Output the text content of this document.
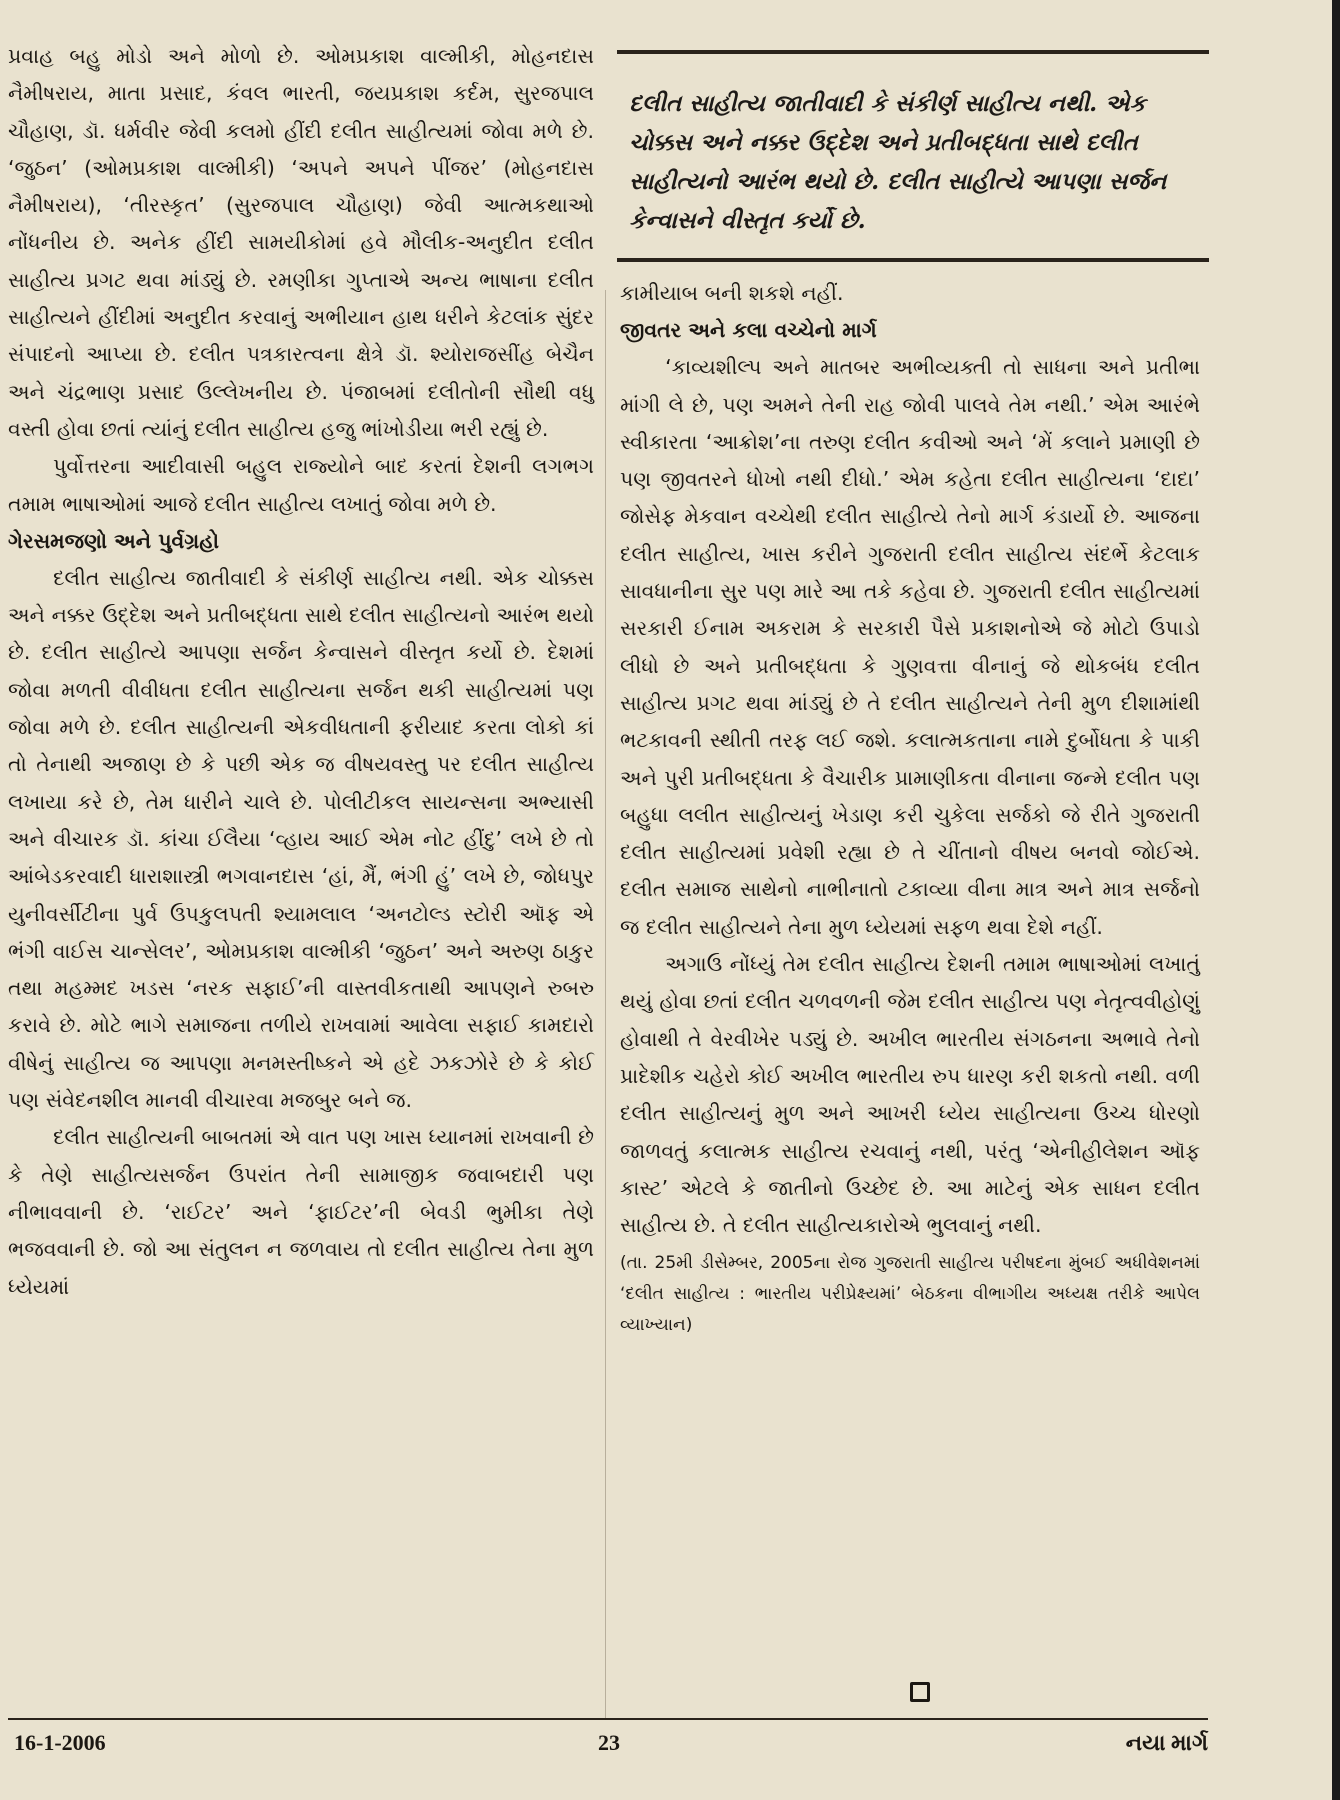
પ્રવાહ બહુ મોડો અને મોળો છે. ઓમપ્રકાશ વાલ્મીકી, મોહનદાસ નૈમીષરાય, માતા પ્રસાદ, કંવલ ભારતી, જયપ્રકાશ કર્દમ, સુરજપાલ ચૌહાણ, ડૉ. ધર્મવીર જેવી કલમો હીંદી દલીત સાહીત્યમાં જોવા મળે છે. ‘જુઠન’ (ઓમપ્રકાશ વાલ્મીકી) ‘અપને અપને પીંજર’ (મોહનદાસ નૈમીષરાય), ‘તીરસ્કૃત’ (સુરજપાલ ચૌહાણ) જેવી આત્મકથાઓ નોંધનીય છે. અનેક હીંદી સામયીકોમાં હવે મૌલીક-અનુદીત દલીત સાહીત્ય પ્રગટ થવા માંડ્યું છે. રમણીકા ગુપ્તાએ અન્ય ભાષાના દલીત સાહીત્યને હીંદીમાં અનુદીત કરવાનું અભીયાન હાથ ધરીને કેટલાંક સુંદર સંપાદનો આપ્યા છે. દલીત પત્રકારત્વના ક્ષેત્રે ડૉ. શ્યોરાજસીંહ બેચૈન અને ચંદ્રભાણ પ્રસાદ ઉલ્લેખનીય છે. પંજાબમાં દલીતોની સૌથી વધુ વસ્તી હોવા છતાં ત્યાંનું દલીત સાહીત્ય હજુ ભાંખોડીયા ભરી રહ્યું છે.

પુર્વોત્તરના આદીવાસી બહુલ રાજ્યોને બાદ કરતાં દેશની લગભગ તમામ ભાષાઓમાં આજે દલીત સાહીત્ય લખાતું જોવા મળે છે.

ગેરસમજણો અને પુર્વગ્રહો

દલીત સાહીત્ય જાતીવાદી કે સંકીર્ણ સાહીત્ય નથી. એક ચોક્કસ અને નક્કર ઉદ્દેશ અને પ્રતીબદ્ધતા સાથે દલીત સાહીત્યનો આરંભ થયો છે. દલીત સાહીત્યે આપણા સર્જન કેન્વાસને વીસ્તૃત કર્યો છે. દેશમાં જોવા મળતી વીવીધતા દલીત સાહીત્યના સર્જન થકી સાહીત્યમાં પણ જોવા મળે છે. દલીત સાહીત્યની એકવીધતાની ફરીયાદ કરતા લોકો કાં તો તેનાથી અજાણ છે કે પછી એક જ વીષયવસ્તુ પર દલીત સાહીત્ય લખાયા કરે છે, તેમ ધારીને ચાલે છે. પોલીટીકલ સાયન્સના અભ્યાસી અને વીચારક ડૉ. કાંચા ઈલૈયા ‘વ્હાય આઈ એમ નોટ હીંદુ’ લખે છે તો આંબેડકરવાદી ધારાશાસ્ત્રી ભગવાનદાસ ‘હાં, મૈં, ભંગી હું’ લખે છે, જોધપુર યુનીવર્સીટીના પુર્વ ઉપકુલપતી શ્યામલાલ ‘અનટોલ્ડ સ્ટોરી ઑફ એ ભંગી વાઈસ ચાન્સેલર’, ઓમપ્રકાશ વાલ્મીકી ‘જુઠન’ અને અરુણ ઠાકુર તથા મહમ્મદ ખડસ ‘નરક સફાઈ’ની વાસ્તવીકતાથી આપણને રુબરુ કરાવે છે. મોટે ભાગે સમાજના તળીયે રાખવામાં આવેલા સફાઈ કામદારો વીષેનું સાહીત્ય જ આપણા મનમસ્તીષ્કને એ હદે ઝકઝોરે છે કે કોઈ પણ સંવેદનશીલ માનવી વીચારવા મજબુર બને જ.

દલીત સાહીત્યની બાબતમાં એ વાત પણ ખાસ ધ્યાનમાં રાખવાની છે કે તેણે સાહીત્યસર્જન ઉપરાંત તેની સામાજીક જવાબદારી પણ નીભાવવાની છે. ‘રાઈટર’ અને ‘ફાઈટર’ની બેવડી ભુમીકા તેણે ભજવવાની છે. જો આ સંતુલન ન જળવાય તો દલીત સાહીત્ય તેના મુળ ધ્યેયમાં

દલીત સાહીત્ય જાતીવાદી કે સંકીર્ણ સાહીત્ય નથી. એક ચોક્કસ અને નક્કર ઉદ્દેશ અને પ્રતીબદ્ધતા સાથે દલીત સાહીત્યનો આરંભ થયો છે. દલીત સાહીત્યે આપણા સર્જન કેન્વાસને વીસ્તૃત કર્યો છે.

કામીયાબ બની શકશે નહીં.

જીવતર અને કલા વચ્ચેનો માર્ગ

‘કાવ્યશીલ્પ અને માતબર અભીવ્યક્તી તો સાધના અને પ્રતીભા માંગી લે છે, પણ અમને તેની રાહ જોવી પાલવે તેમ નથી.’ એમ આરંભે સ્વીકારતા ‘આક્રોશ’ના તરુણ દલીત કવીઓ અને ‘મેં કલાને પ્રમાણી છે પણ જીવતરને ધોખો નથી દીધો.’ એમ કહેતા દલીત સાહીત્યના ‘દાદા’ જોસેફ મેકવાન વચ્ચેથી દલીત સાહીત્યે તેનો માર્ગ કંડાર્યો છે. આજના દલીત સાહીત્ય, ખાસ કરીને ગુજરાતી દલીત સાહીત્ય સંદર્ભે કેટલાક સાવધાનીના સુર પણ મારે આ તકે કહેવા છે. ગુજરાતી દલીત સાહીત્યમાં સરકારી ઈનામ અકરામ કે સરકારી પૈસે પ્રકાશનોએ જે મોટો ઉપાડો લીધો છે અને પ્રતીબદ્ધતા કે ગુણવત્તા વીનાનું જે થોકબંધ દલીત સાહીત્ય પ્રગટ થવા માંડ્યું છે તે દલીત સાહીત્યને તેની મુળ દીશામાંથી ભટકાવની સ્થીતી તરફ લઈ જશે. કલાત્મકતાના નામે દુર્બોધતા કે પાકી અને પુરી પ્રતીબદ્ધતા કે વૈચારીક પ્રામાણીકતા વીનાના જન્મે દલીત પણ બહુધા લલીત સાહીત્યનું ખેડાણ કરી ચુકેલા સર્જકો જે રીતે ગુજરાતી દલીત સાહીત્યમાં પ્રવેશી રહ્યા છે તે ચીંતાનો વીષય બનવો જોઈએ. દલીત સમાજ સાથેનો નાભીનાતો ટકાવ્યા વીના માત્ર અને માત્ર સર્જનો જ દલીત સાહીત્યને તેના મુળ ધ્યેયમાં સફળ થવા દેશે નહીં.

અગાઉ નોંધ્યું તેમ દલીત સાહીત્ય દેશની તમામ ભાષાઓમાં લખાતું થયું હોવા છતાં દલીત ચળવળની જેમ દલીત સાહીત્ય પણ નેતૃત્વવીહોણું હોવાથી તે વેરવીખેર પડ્યું છે. અખીલ ભારતીય સંગઠનના અભાવે તેનો પ્રાદેશીક ચહેરો કોઈ અખીલ ભારતીય રુપ ધારણ કરી શકતો નથી. વળી દલીત સાહીત્યનું મુળ અને આખરી ધ્યેય સાહીત્યના ઉચ્ચ ધોરણો જાળવતું કલાત્મક સાહીત્ય રચવાનું નથી, પરંતુ ‘એનીહીલેશન ઑફ કાસ્ટ’ એટલે કે જાતીનો ઉચ્છેદ છે. આ માટેનું એક સાધન દલીત સાહીત્ય છે. તે દલીત સાહીત્યકારોએ ભુલવાનું નથી.

(તા. 25મી ડીસેમ્બર, 2005ના રોજ ગુજરાતી સાહીત્ય પરીષદના મુંબઈ અધીવેશનમાં ‘દલીત સાહીત્ય : ભારતીય પરીપ્રેક્ષ્યમાં’ બેઠકના વીભાગીય અધ્યક્ષ તરીકે આપેલ વ્યાખ્યાન)

16-1-2006	23	નયા માર્ગ
